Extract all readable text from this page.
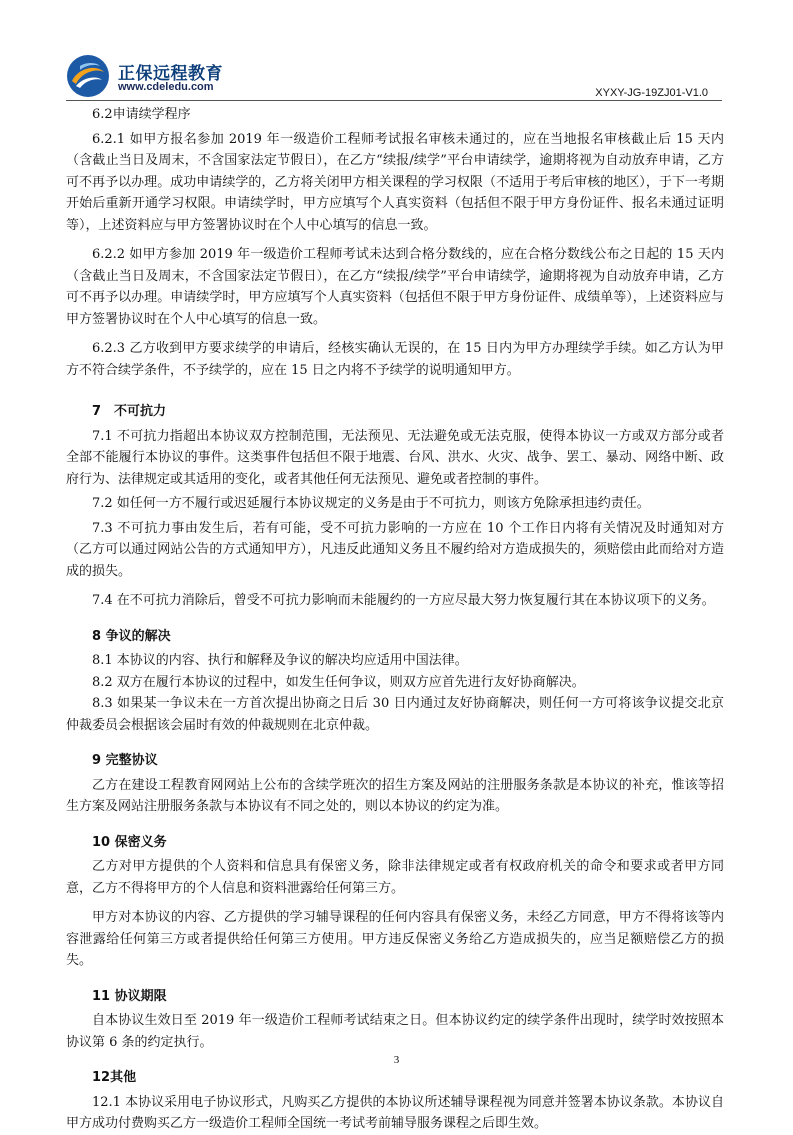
正保远程教育
www.cdeledu.com	XYXY-JG-19ZJ01-V1.0

6.2申请续学程序

6.2.1 如甲方报名参加 2019 年一级造价工程师考试报名审核未通过的，应在当地报名审核截止后 15 天内（含截止当日及周末，不含国家法定节假日），在乙方“续报/续学”平台申请续学，逾期将视为自动放弃申请，乙方可不再予以办理。成功申请续学的，乙方将关闭甲方相关课程的学习权限（不适用于考后审核的地区），于下一考期开始后重新开通学习权限。申请续学时，甲方应填写个人真实资料（包括但不限于甲方身份证件、报名未通过证明等），上述资料应与甲方签署协议时在个人中心填写的信息一致。

6.2.2 如甲方参加 2019 年一级造价工程师考试未达到合格分数线的，应在合格分数线公布之日起的 15 天内（含截止当日及周末，不含国家法定节假日），在乙方“续报/续学”平台申请续学，逾期将视为自动放弃申请，乙方可不再予以办理。申请续学时，甲方应填写个人真实资料（包括但不限于甲方身份证件、成绩单等），上述资料应与甲方签署协议时在个人中心填写的信息一致。

6.2.3 乙方收到甲方要求续学的申请后，经核实确认无误的，在 15 日内为甲方办理续学手续。如乙方认为甲方不符合续学条件，不予续学的，应在 15 日之内将不予续学的说明通知甲方。

7　不可抗力

7.1 不可抗力指超出本协议双方控制范围，无法预见、无法避免或无法克服，使得本协议一方或双方部分或者全部不能履行本协议的事件。这类事件包括但不限于地震、台风、洪水、火灾、战争、罢工、暴动、网络中断、政府行为、法律规定或其适用的变化，或者其他任何无法预见、避免或者控制的事件。

7.2 如任何一方不履行或迟延履行本协议规定的义务是由于不可抗力，则该方免除承担违约责任。

7.3 不可抗力事由发生后，若有可能，受不可抗力影响的一方应在 10 个工作日内将有关情况及时通知对方（乙方可以通过网站公告的方式通知甲方），凡违反此通知义务且不履约给对方造成损失的，须赔偿由此而给对方造成的损失。

7.4 在不可抗力消除后，曾受不可抗力影响而未能履约的一方应尽最大努力恢复履行其在本协议项下的义务。

8 争议的解决

8.1 本协议的内容、执行和解释及争议的解决均应适用中国法律。

8.2 双方在履行本协议的过程中，如发生任何争议，则双方应首先进行友好协商解决。

8.3 如果某一争议未在一方首次提出协商之日后 30 日内通过友好协商解决，则任何一方可将该争议提交北京仲裁委员会根据该会届时有效的仲裁规则在北京仲裁。

9 完整协议

乙方在建设工程教育网网站上公布的含续学班次的招生方案及网站的注册服务条款是本协议的补充，惟该等招生方案及网站注册服务条款与本协议有不同之处的，则以本协议的约定为准。

10 保密义务

乙方对甲方提供的个人资料和信息具有保密义务，除非法律规定或者有权政府机关的命令和要求或者甲方同意，乙方不得将甲方的个人信息和资料泄露给任何第三方。

甲方对本协议的内容、乙方提供的学习辅导课程的任何内容具有保密义务，未经乙方同意，甲方不得将该等内容泄露给任何第三方或者提供给任何第三方使用。甲方违反保密义务给乙方造成损失的，应当足额赔偿乙方的损失。

11 协议期限

自本协议生效日至 2019 年一级造价工程师考试结束之日。但本协议约定的续学条件出现时，续学时效按照本协议第 6 条的约定执行。

12其他

12.1 本协议采用电子协议形式，凡购买乙方提供的本协议所述辅导课程视为同意并签署本协议条款。本协议自甲方成功付费购买乙方一级造价工程师全国统一考试考前辅导服务课程之后即生效。

3
